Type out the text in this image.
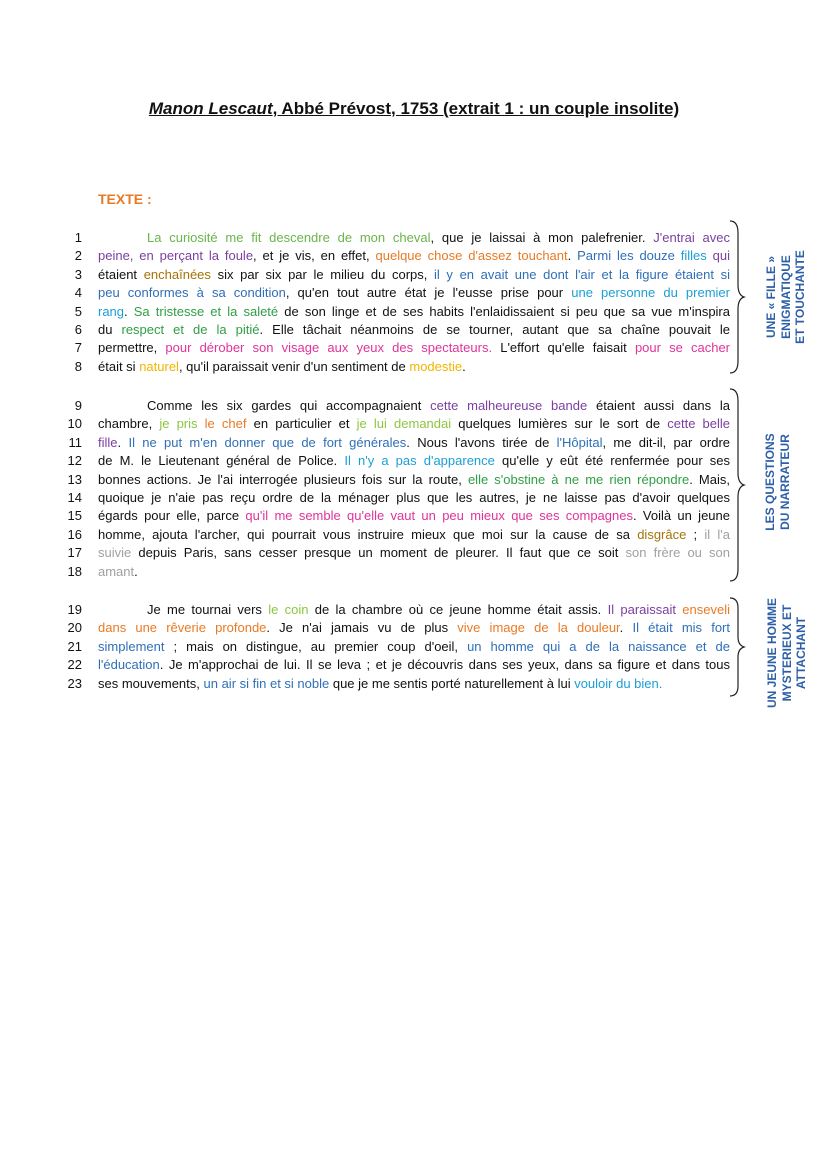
Manon Lescaut, Abbé Prévost, 1753 (extrait 1 : un couple insolite)
TEXTE :
1	La curiosité me fit descendre de mon cheval, que je laissai à mon palefrenier. J'entrai avec
2 peine, en perçant la foule, et je vis, en effet, quelque chose d'assez touchant. Parmi les douze filles qui
3 étaient enchaînées six par six par le milieu du corps, il y en avait une dont l'air et la figure étaient si
4 peu conformes à sa condition, qu'en tout autre état je l'eusse prise pour une personne du premier
5 rang. Sa tristesse et la saleté de son linge et de ses habits l'enlaidissaient si peu que sa vue m'inspira
6 du respect et de la pitié. Elle tâchait néanmoins de se tourner, autant que sa chaîne pouvait le
7 permettre, pour dérober son visage aux yeux des spectateurs. L'effort qu'elle faisait pour se cacher
8 était si naturel, qu'il paraissait venir d'un sentiment de modestie.
9	Comme les six gardes qui accompagnaient cette malheureuse bande étaient aussi dans la
10 chambre, je pris le chef en particulier et je lui demandai quelques lumières sur le sort de cette belle
11 fille. Il ne put m'en donner que de fort générales. Nous l'avons tirée de l'Hôpital, me dit-il, par ordre
12 de M. le Lieutenant général de Police. Il n'y a pas d'apparence qu'elle y eût été renfermée pour ses
13 bonnes actions. Je l'ai interrogée plusieurs fois sur la route, elle s'obstine à ne me rien répondre. Mais,
14 quoique je n'aie pas reçu ordre de la ménager plus que les autres, je ne laisse pas d'avoir quelques
15 égards pour elle, parce qu'il me semble qu'elle vaut un peu mieux que ses compagnes. Voilà un jeune
16 homme, ajouta l'archer, qui pourrait vous instruire mieux que moi sur la cause de sa disgrâce ; il l'a
17 suivie depuis Paris, sans cesser presque un moment de pleurer. Il faut que ce soit son frère ou son
18 amant.
19	Je me tournai vers le coin de la chambre où ce jeune homme était assis. Il paraissait enseveli
20 dans une rêverie profonde. Je n'ai jamais vu de plus vive image de la douleur. Il était mis fort
21 simplement ; mais on distingue, au premier coup d'oeil, un homme qui a de la naissance et de
22 l'éducation. Je m'approchai de lui. Il se leva ; et je découvris dans ses yeux, dans sa figure et dans tous
23 ses mouvements, un air si fin et si noble que je me sentis porté naturellement à lui vouloir du bien.
UNE « FILLE » ENIGMATIQUE ET TOUCHANTE
LES QUESTIONS DU NARRATEUR
UN JEUNE HOMME MYSTERIEUX ET ATTACHANT
